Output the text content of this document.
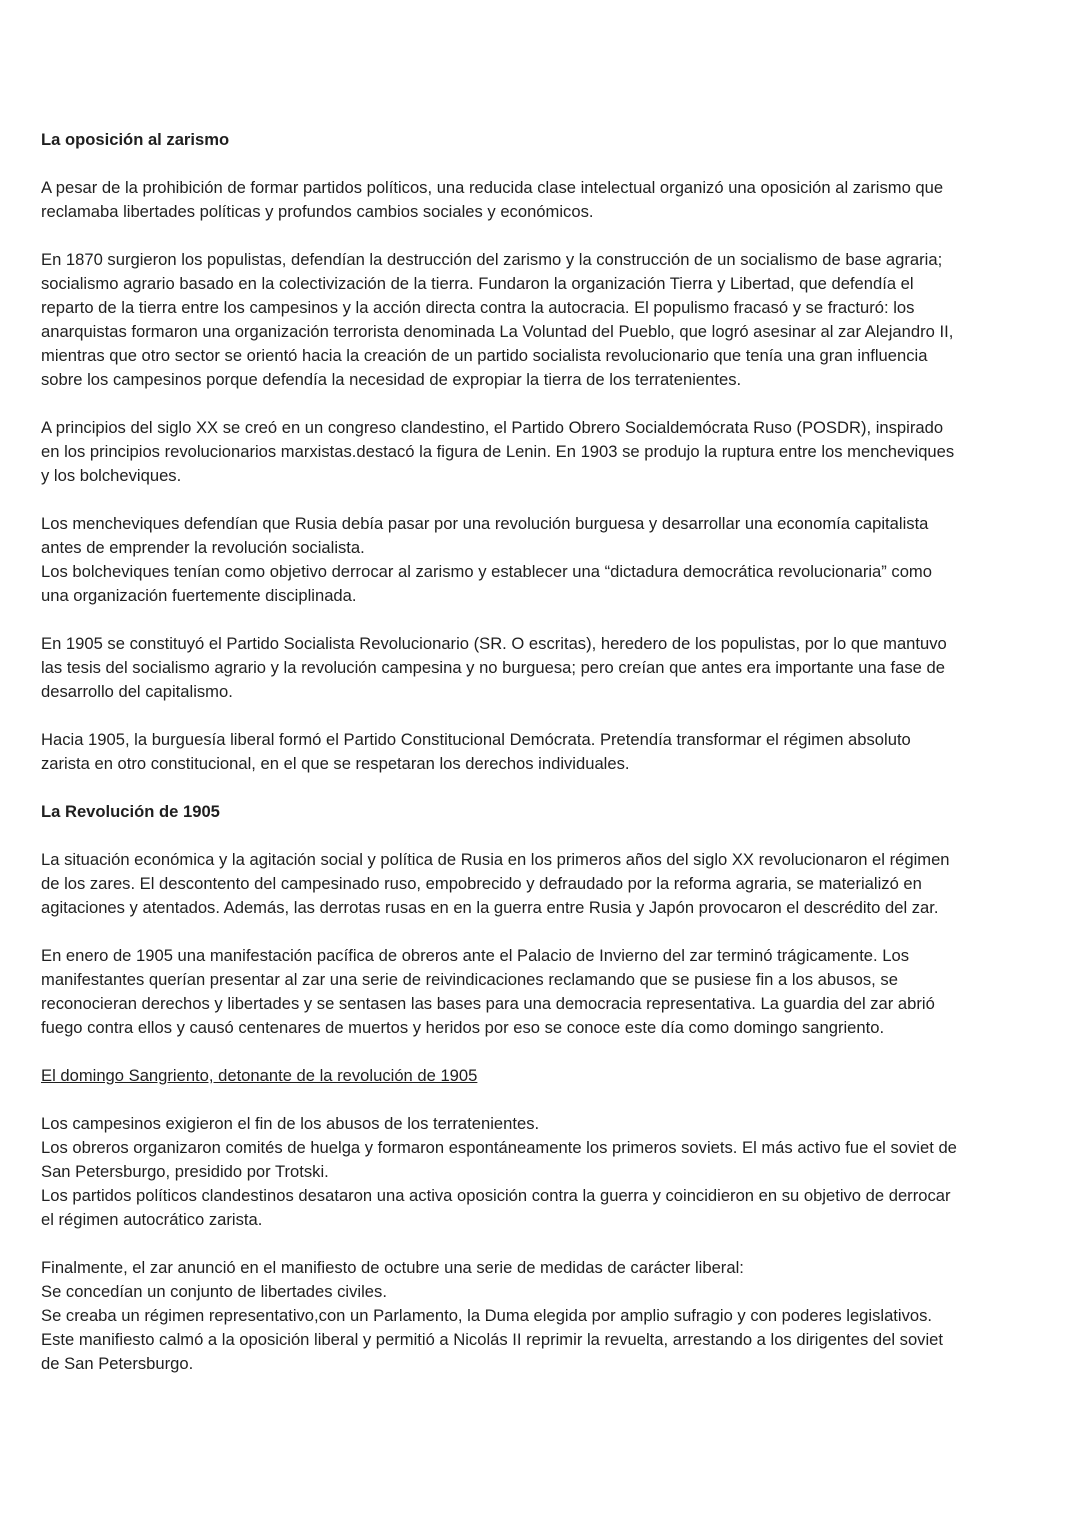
La oposición al zarismo

A pesar de la prohibición de formar partidos políticos, una reducida clase intelectual organizó una oposición al zarismo que
reclamaba libertades políticas y profundos cambios sociales y económicos.

En 1870 surgieron los populistas, defendían la destrucción del zarismo y la construcción de un socialismo de base agraria;
socialismo agrario basado en la colectivización de la tierra. Fundaron la organización Tierra y Libertad, que defendía el
reparto de la tierra entre los campesinos y la acción directa contra la autocracia. El populismo fracasó y se fracturó: los
anarquistas formaron una organización terrorista denominada La Voluntad del Pueblo, que logró asesinar al zar Alejandro II,
mientras que otro sector se orientó hacia la creación de un partido socialista revolucionario que tenía una gran influencia
sobre los campesinos porque defendía la necesidad de expropiar la tierra de los terratenientes.

A principios del siglo XX se creó en un congreso clandestino, el Partido Obrero Socialdemócrata Ruso (POSDR), inspirado
en los principios revolucionarios marxistas.destacó la figura de Lenin. En 1903 se produjo la ruptura entre los mencheviques
y los bolcheviques.

Los mencheviques defendían que Rusia debía pasar por una revolución burguesa y desarrollar una economía capitalista
antes de emprender la revolución socialista.
Los bolcheviques tenían como objetivo derrocar al zarismo y establecer una “dictadura democrática revolucionaria” como
una organización fuertemente disciplinada.

En 1905 se constituyó el Partido Socialista Revolucionario (SR. O escritas), heredero de los populistas, por lo que mantuvo
las tesis del socialismo agrario y la revolución campesina y no burguesa; pero creían que antes era importante una fase de
desarrollo del capitalismo.

Hacia 1905, la burguesía liberal formó el Partido Constitucional Demócrata. Pretendía transformar el régimen absoluto
zarista en otro constitucional, en el que se respetaran los derechos individuales.

La Revolución de 1905

La situación económica y la agitación social y política de Rusia en los primeros años del siglo XX revolucionaron el régimen
de los zares. El descontento del campesinado ruso, empobrecido y defraudado por la reforma agraria, se materializó en
agitaciones y atentados. Además, las derrotas rusas en en la guerra entre Rusia y Japón provocaron el descrédito del zar.

En enero de 1905 una manifestación pacífica de obreros ante el Palacio de Invierno del zar terminó trágicamente. Los
manifestantes querían presentar al zar una serie de reivindicaciones reclamando que se pusiese fin a los abusos, se
reconocieran derechos y libertades y se sentasen las bases para una democracia representativa. La guardia del zar abrió
fuego contra ellos y causó centenares de muertos y heridos por eso se conoce este día como domingo sangriento.

El domingo Sangriento, detonante de la revolución de 1905

Los campesinos exigieron el fin de los abusos de los terratenientes.
Los obreros organizaron comités de huelga y formaron espontáneamente los primeros soviets. El más activo fue el soviet de
San Petersburgo, presidido por Trotski.
Los partidos políticos clandestinos desataron una activa oposición contra la guerra y coincidieron en su objetivo de derrocar
el régimen autocrático zarista.

Finalmente, el zar anunció en el manifiesto de octubre una serie de medidas de carácter liberal:
Se concedían un conjunto de libertades civiles.
Se creaba un régimen representativo,con un Parlamento, la Duma elegida por amplio sufragio y con poderes legislativos.
Este manifiesto calmó a la oposición liberal y permitió a Nicolás II reprimir la revuelta, arrestando a los dirigentes del soviet
de San Petersburgo.
